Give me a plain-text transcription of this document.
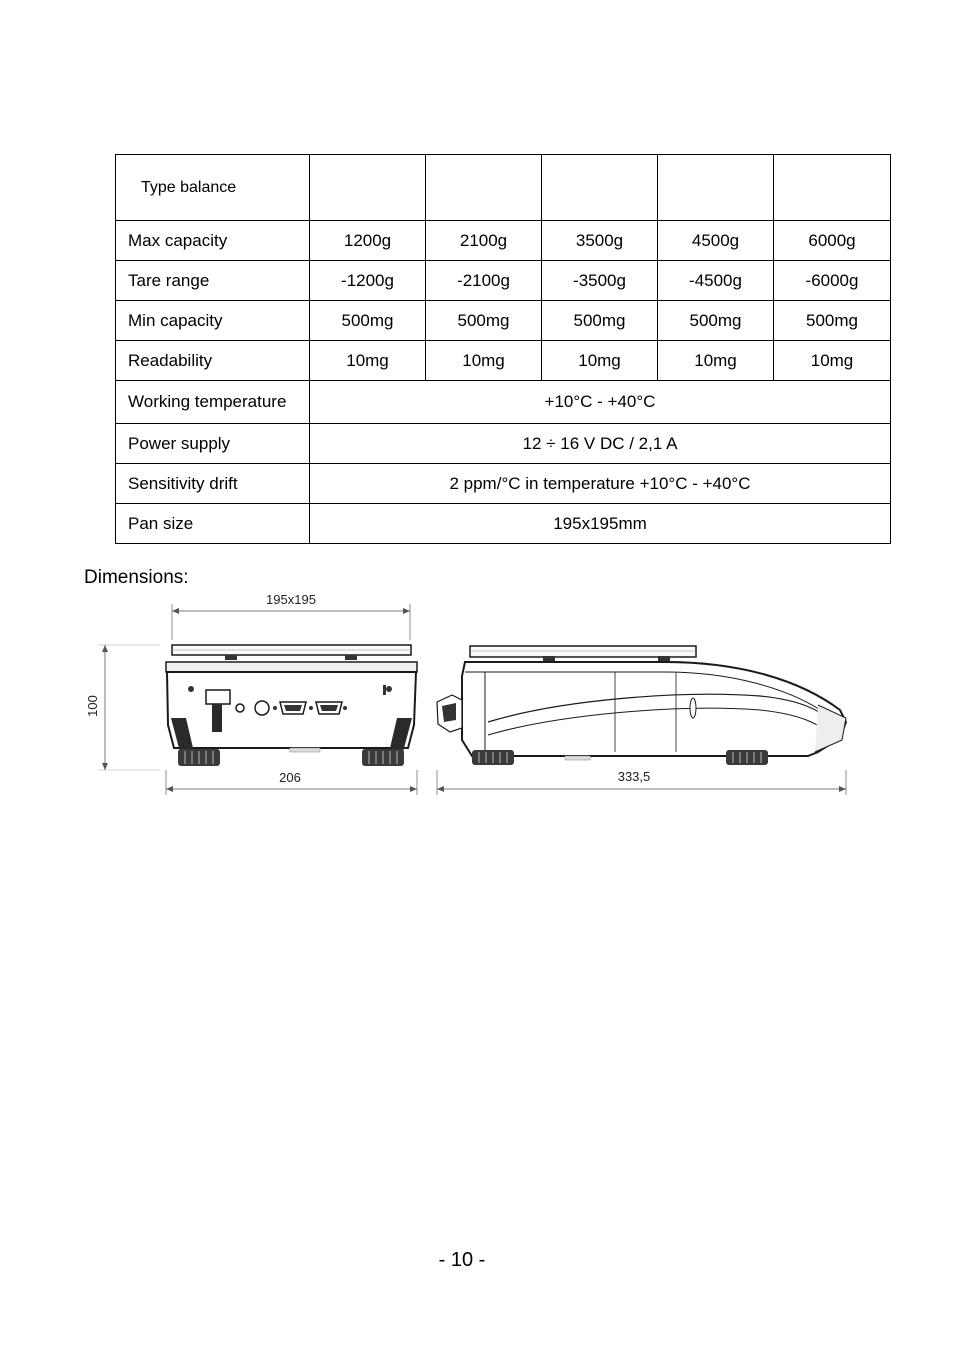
Type balance					
Max capacity	1200g	2100g	3500g	4500g	6000g
Tare range	-1200g	-2100g	-3500g	-4500g	-6000g
Min capacity	500mg	500mg	500mg	500mg	500mg
Readability	10mg	10mg	10mg	10mg	10mg
Working temperature	+10°C - +40°C				
Power supply	12 ÷ 16 V DC / 2,1 A				
Sensitivity drift	2 ppm/°C in temperature +10°C - +40°C				
Pan size	195x195mm				
Dimensions:
195x195
206
100
333,5
- 10 -
